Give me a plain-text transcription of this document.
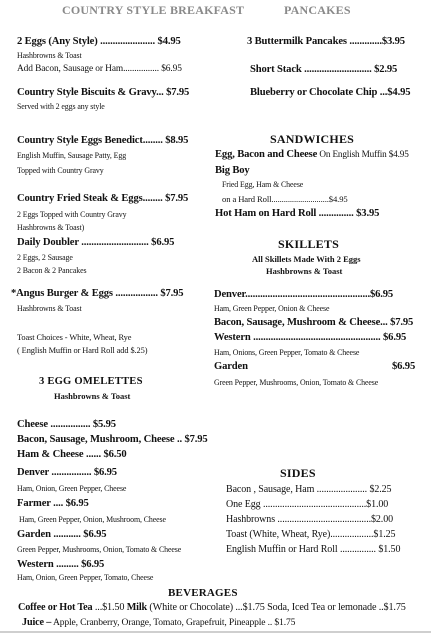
COUNTRY STYLE BREAKFAST	PANCAKES
2 Eggs (Any Style) ...................... $4.95
Hashbrowns & Toast
Add Bacon, Sausage or Ham................ $6.95
Country Style Biscuits & Gravy... $7.95
Served with 2 eggs any style
Country Style Eggs Benedict........ $8.95
English Muffin, Sausage Patty, Egg
Topped with Country Gravy
Country Fried Steak & Eggs........ $7.95
2 Eggs Topped with Country Gravy
Hashbrowns & Toast)
Daily Doubler ........................... $6.95
2 Eggs, 2 Sausage
2 Bacon & 2 Pancakes
*Angus Burger & Eggs ................. $7.95
Hashbrowns & Toast
Toast Choices - White, Wheat, Rye
( English Muffin or Hard Roll add $.25)
3 EGG OMELETTES
Hashbrowns & Toast
Cheese ................ $5.95
Bacon, Sausage, Mushroom, Cheese .. $7.95
Ham & Cheese ...... $6.50
Denver ................ $6.95
Ham, Onion, Green Pepper, Cheese
Farmer .... $6.95
Ham, Green Pepper, Onion, Mushroom, Cheese
Garden ........... $6.95
Green Pepper, Mushrooms, Onion, Tomato & Cheese
Western ......... $6.95
Ham, Onion, Green Pepper, Tomato, Cheese
3 Buttermilk Pancakes .............$3.95
Short Stack ........................... $2.95
Blueberry or Chocolate Chip ...$4.95
SANDWICHES
Egg, Bacon and Cheese On English Muffin $4.95
Big Boy
Fried Egg, Ham & Cheese
on a Hard Roll............................$4.95
Hot Ham on Hard Roll .............. $3.95
SKILLETS
All Skillets Made With 2 Eggs
Hashbrowns & Toast
Denver..................................................$6.95
Ham, Green Pepper, Onion & Cheese
Bacon, Sausage, Mushroom & Cheese... $7.95
Western ................................................... $6.95
Ham, Onions, Green Pepper, Tomato & Cheese
Garden	$6.95
Green Pepper, Mushrooms, Onion, Tomato & Cheese
SIDES
Bacon , Sausage, Ham ..................... $2.25
One Egg ...........................................$1.00
Hashbrowns .......................................$2.00
Toast (White, Wheat, Rye)..................$1.25
English Muffin or Hard Roll ............... $1.50
BEVERAGES
Coffee or Hot Tea ...$1.50 Milk (White or Chocolate) ...$1.75 Soda, Iced Tea or lemonade ..$1.75
Juice – Apple, Cranberry, Orange, Tomato, Grapefruit, Pineapple .. $1.75
